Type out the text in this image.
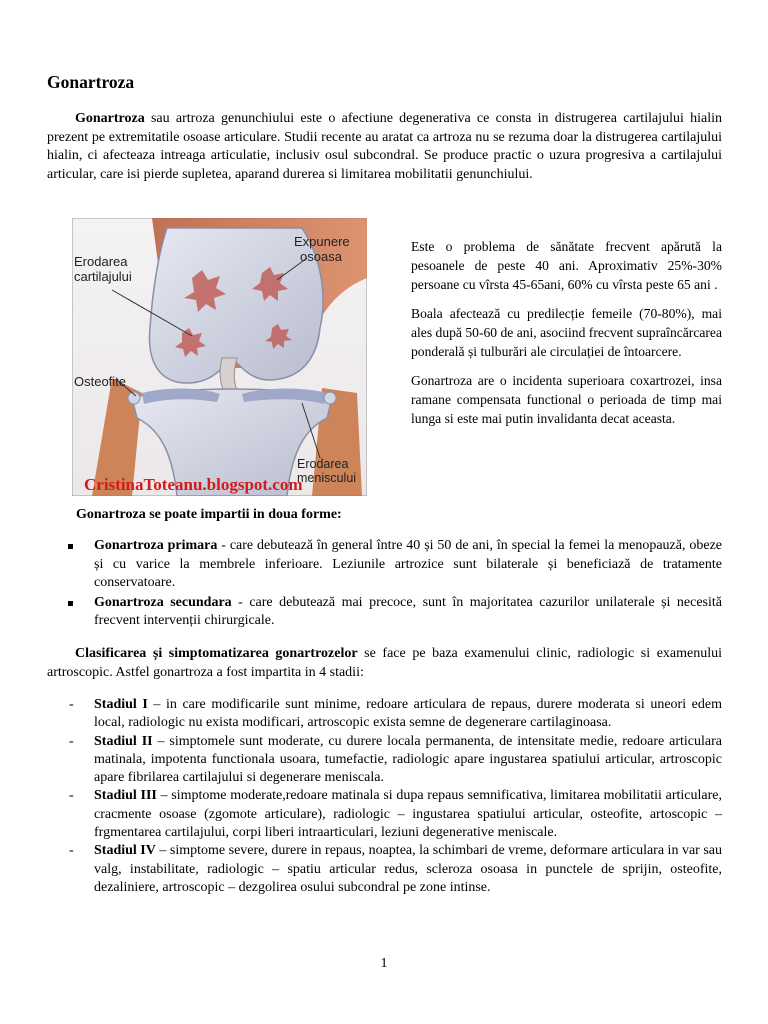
Gonartroza

Gonartroza sau artroza genunchiului este o afectiune degenerativa ce consta in distrugerea cartilajului hialin prezent pe extremitatile osoase articulare. Studii recente au aratat ca artroza nu se rezuma doar la distrugerea cartilajului hialin, ci afecteaza intreaga articulatie, inclusiv osul subcondral. Se produce practic o uzura progresiva a cartilajului articular, care isi pierde supletea, aparand durerea si limitarea mobilitatii genunchiului.

Erodarea cartilajului
Expunere osoasa
Osteofite
Erodarea meniscului
CristinaToteanu.blogspot.com

Este o problema de sănătate frecvent apărută la pesoanele de peste 40 ani. Aproximativ 25%-30% persoane cu vîrsta 45-65ani, 60% cu vîrsta peste 65 ani .

Boala afectează cu predilecție femeile (70-80%), mai ales după 50-60 de ani, asociind frecvent supraîncărcarea ponderală și tulburări ale circulației de întoarcere.

Gonartroza are o incidenta superioara coxartrozei, insa ramane compensata functional o perioada de timp mai lunga si este mai putin invalidanta decat aceasta.

Gonartroza se poate impartii in doua forme:

Gonartroza primara - care debutează în general între 40 și 50 de ani, în special la femei la menopauză, obeze și cu varice la membrele inferioare. Leziunile artrozice sunt bilaterale și beneficiază de tratamente conservatoare.
Gonartroza secundara - care debutează mai precoce, sunt în majoritatea cazurilor unilaterale și necesită frecvent intervenții chirurgicale.

Clasificarea și simptomatizarea gonartrozelor se face pe baza examenului clinic, radiologic si examenului artroscopic. Astfel gonartroza a fost impartita in 4 stadii:

- Stadiul I – in care modificarile sunt minime, redoare articulara de repaus, durere moderata si uneori edem local, radiologic nu exista modificari, artroscopic exista semne de degenerare cartilaginoasa.
- Stadiul II – simptomele sunt moderate, cu durere locala permanenta, de intensitate medie, redoare articulara matinala, impotenta functionala usoara, tumefactie, radiologic apare ingustarea spatiului articular, artroscopic apare fibrilarea cartilajului si degenerare meniscala.
- Stadiul III – simptome moderate,redoare matinala si dupa repaus semnificativa, limitarea mobilitatii articulare, cracmente osoase (zgomote articulare), radiologic – ingustarea spatiului articular, osteofite, artoscopic – frgmentarea cartilajului, corpi liberi intraarticulari, leziuni degenerative meniscale.
- Stadiul IV – simptome severe, durere in repaus, noaptea, la schimbari de vreme, deformare articulara in var sau valg, instabilitate, radiologic – spatiu articular redus, scleroza osoasa in punctele de sprijin, osteofite, dezaliniere, artroscopic – dezgolirea osului subcondral pe zone intinse.
1
